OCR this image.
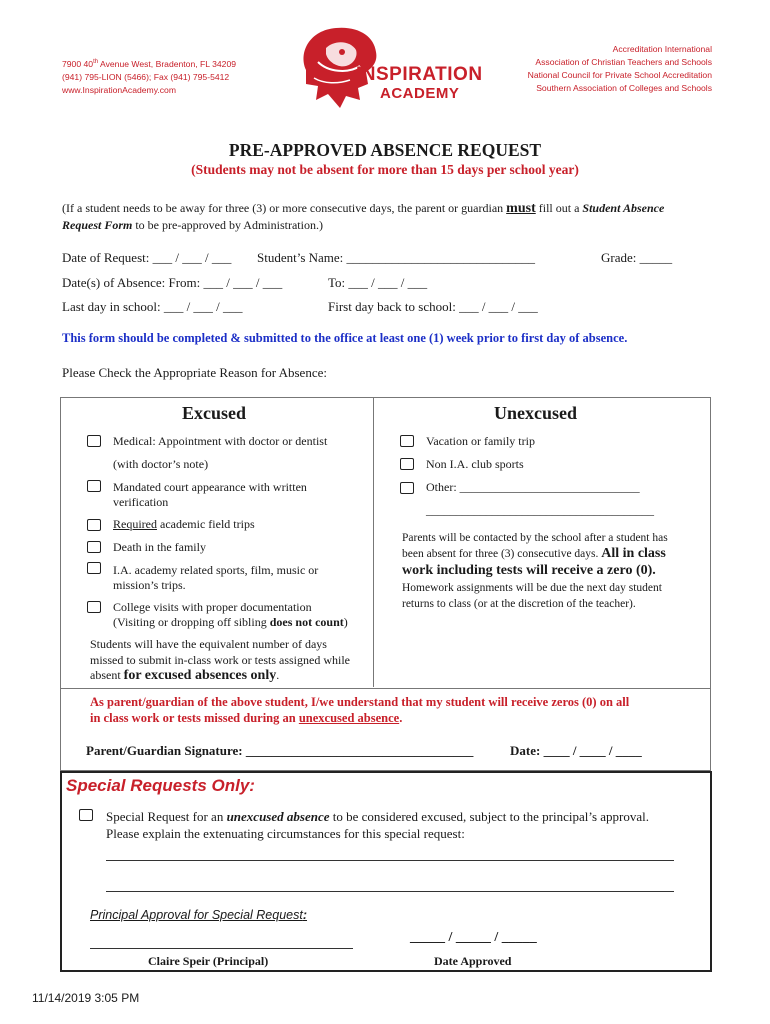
7900 40th Avenue West, Bradenton, FL 34209
(941) 795-LION (5466); Fax (941) 795-5412
www.InspirationAcademy.com
INSPIRATION
ACADEMY
Accreditation International
Association of Christian Teachers and Schools
National Council for Private School Accreditation
Southern Association of Colleges and Schools
PRE-APPROVED ABSENCE REQUEST
(Students may not be absent for more than 15 days per school year)
(If a student needs to be away for three (3) or more consecutive days, the parent or guardian must fill out a Student Absence Request Form to be pre-approved by Administration.)
Date of Request: ___ / ___ / ___ Student’s Name: _____________________________	Grade: _____
Date(s) of Absence: From: ___ / ___ / ___	To: ___ / ___ / ___
Last day in school: ___ / ___ / ___	First day back to school: ___ / ___ / ___
This form should be completed & submitted to the office at least one (1) week prior to first day of absence.
Please Check the Appropriate Reason for Absence:
Excused	Unexcused
Medical: Appointment with doctor or dentist
(with doctor’s note)
Mandated court appearance with written
verification
Required academic field trips
Death in the family
I.A. academy related sports, film, music or
mission’s trips.
College visits with proper documentation
(Visiting or dropping off sibling does not count)
Students will have the equivalent number of days
missed to submit in-class work or tests assigned while
absent for excused absences only.
Vacation or family trip
Non I.A. club sports
Other: ______________________________
______________________________________
Parents will be contacted by the school after a student has
been absent for three (3) consecutive days. All in class
work including tests will receive a zero (0).
Homework assignments will be due the next day student
returns to class (or at the discretion of the teacher).
As parent/guardian of the above student, I/we understand that my student will receive zeros (0) on all
in class work or tests missed during an unexcused absence.
Parent/Guardian Signature: ___________________________________	Date: ____ / ____ / ____
Special Requests Only:
Special Request for an unexcused absence to be considered excused, subject to the principal’s approval.
Please explain the extenuating circumstances for this special request:
Principal Approval for Special Request:
_____ / _____ / _____
Claire Speir (Principal)	Date Approved
11/14/2019 3:05 PM
